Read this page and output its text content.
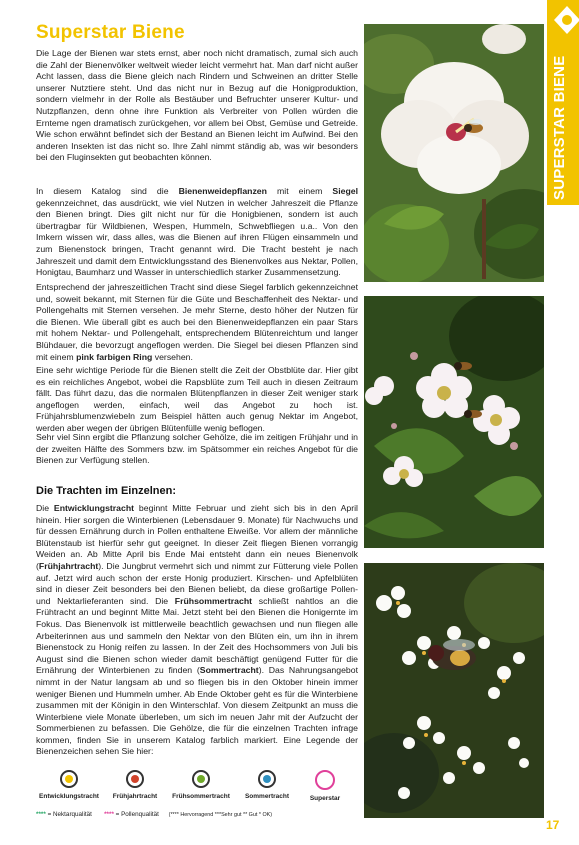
Superstar Biene

Die Lage der Bienen war stets ernst, aber noch nicht dramatisch, zumal sich auch die Zahl der Bienenvölker weltweit wieder leicht vermehrt hat. Man darf nicht außer Acht lassen, dass die Biene gleich nach Rindern und Schweinen an dritter Stelle unserer Nutztiere steht. Und das nicht nur in Bezug auf die Honigproduktion, sondern vielmehr in der Rolle als Bestäuber und Befruchter unserer Kultur- und Nutzpflanzen, denn ohne ihre Funktion als Verbreiter von Pollen würden die Ernteme ngen dramatisch zurückgehen, vor allem bei Obst, Gemüse und Getreide. Wie schon erwähnt befindet sich der Bestand an Bienen leicht im Aufwind. Bei den anderen Insekten ist das nicht so. Ihre Zahl nimmt ständig ab, was wir besonders bei den Fluginsekten gut beobachten können.

In diesem Katalog sind die Bienenweidepflanzen mit einem Siegel gekennzeichnet, das ausdrückt, wie viel Nutzen in welcher Jahreszeit die Pflanze den Bienen bringt. Dies gilt nicht nur für die Honigbienen, sondern ist auch übertragbar für Wildbienen, Wespen, Hummeln, Schwebfliegen u.a.. Von den Imkern wissen wir, dass alles, was die Bienen auf ihren Flügen einsammeln und zum Bienenstock bringen, Tracht genannt wird. Die Tracht besteht je nach Jahreszeit und damit dem Entwicklungsstand des Bienenvolkes aus Nektar, Pollen, Honigtau, Baumharz und Wasser in unterschiedlich starker Zusammensetzung.

Entsprechend der jahreszeitlichen Tracht sind diese Siegel farblich gekennzeichnet und, soweit bekannt, mit Sternen für die Güte und Beschaffenheit des Nektar- und Pollengehalts mit Sternen versehen. Je mehr Sterne, desto höher der Nutzen für die Bienen. Wie überall gibt es auch bei den Bienenweidepflanzen ein paar Stars mit hohem Nektar- und Pollengehalt, entsprechendem Blütenreichtum und langer Blühdauer, die bevorzugt angeflogen werden. Die Siegel bei diesen Pflanzen sind mit einem pink farbigen Ring versehen.

Eine sehr wichtige Periode für die Bienen stellt die Zeit der Obstblüte dar. Hier gibt es ein reichliches Angebot, wobei die Rapsblüte zum Teil auch in diesen Zeitraum fällt. Das führt dazu, das die normalen Blütenpflanzen in dieser Zeit weniger stark angeflogen werden, einfach, weil das Angebot zu hoch ist. Frühjahrsblumenzwiebeln zum Beispiel hätten auch genug Nektar im Angebot, werden aber wegen der übrigen Blütenfülle wenig beflogen.

Sehr viel Sinn ergibt die Pflanzung solcher Gehölze, die im zeitigen Frühjahr und in der zweiten Hälfte des Sommers bzw. im Spätsommer ein reiches Angebot für die Bienen zur Verfügung stellen.

Die Trachten im Einzelnen:

Die Entwicklungstracht beginnt Mitte Februar und zieht sich bis in den April hinein. Hier sorgen die Winterbienen (Lebensdauer 9. Monate) für Nachwuchs und für dessen Ernährung durch in Pollen enthaltene Eiweiße. Vor allem der männliche Blütenstaub ist hierfür sehr gut geeignet. In dieser Zeit fliegen Bienen vorrangig Weiden an. Ab Mitte April bis Ende Mai entsteht dann ein neues Bienenvolk (Frühjahrtracht). Die Jungbrut vermehrt sich und nimmt zur Fütterung viele Pollen auf. Jetzt wird auch schon der erste Honig produziert. Kirschen- und Apfelblüten sind in dieser Zeit besonders bei den Bienen beliebt, da diese großartige Pollen- und Nektarlieferanten sind. Die Frühsommertracht schließt nahtlos an die Frühtracht an und beginnt Mitte Mai. Jetzt steht bei den Bienen die Honigernte im Fokus. Das Bienenvolk ist mittlerweile beachtlich gewachsen und nun fliegen alle Arbeiterinnen aus und sammeln den Nektar von den Blüten ein, um ihn in ihrem Bienenstock zu Honig reifen zu lassen. In der Zeit des Hochsommers von Juli bis August sind die Bienen schon wieder damit beschäftigt genügend Futter für die Ernährung der Winterbienen zu finden (Sommertracht). Das Nahrungsangebot nimmt in der Natur langsam ab und so fliegen bis in den Oktober hinein immer weniger Bienen und Hummeln umher. Ab Ende Oktober geht es für die Winterbiene zusammen mit der Königin in den Winterschlaf. Von diesem Zeitpunkt an muss die Winterbiene viele Monate überleben, um sich im neuen Jahr mit der Aufzucht der Sommerbienen zu befassen. Die Gehölze, die für die einzelnen Trachten infrage kommen, finden Sie in unserem Katalog farblich markiert. Eine Legende der Bienenzeichen sehen Sie hier:

Entwicklungstracht	Frühjahrtracht	Frühsommertracht	Sommertracht	Superstar
**** = Nektarqualität **** = Pollenqualität (**** Hervorragend ***Sehr gut ** Gut * OK)
SUPERSTAR BIENE
17
